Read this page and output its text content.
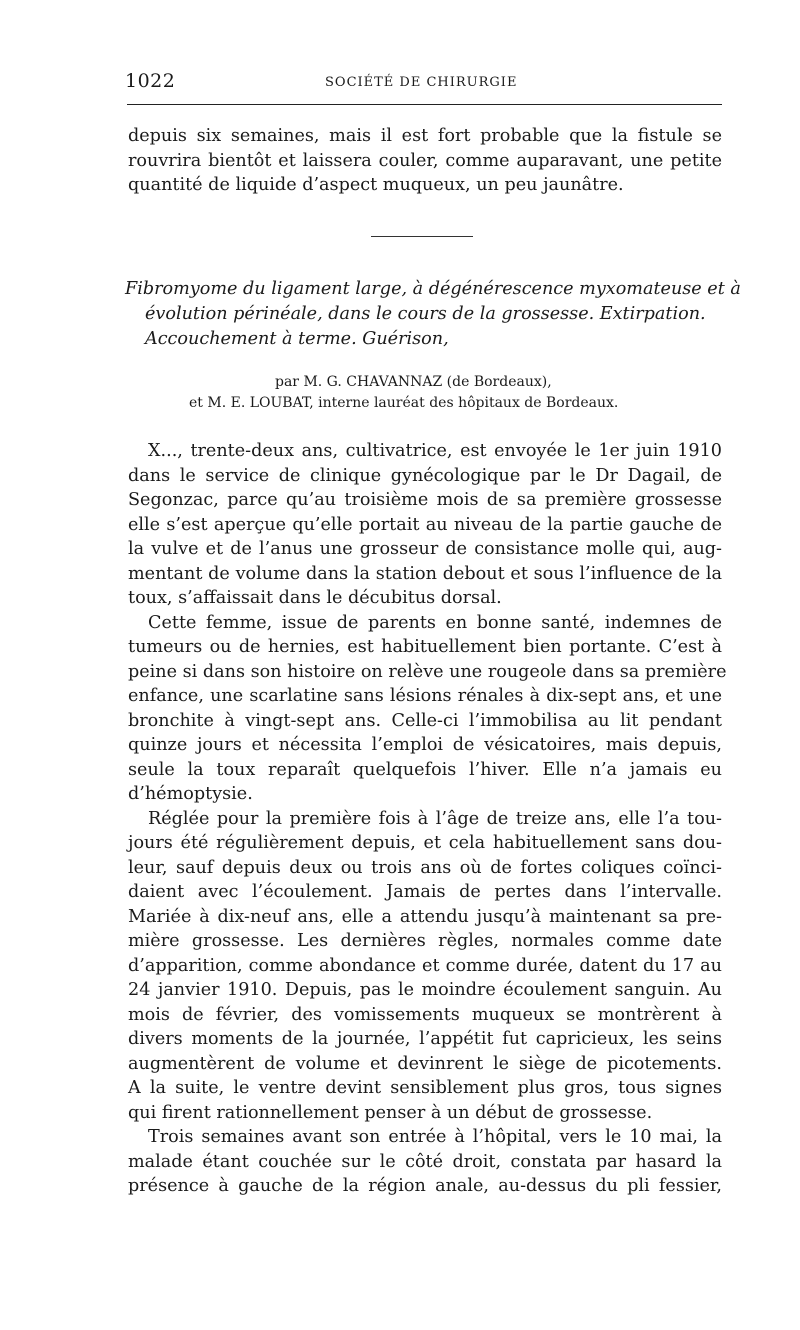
1022	SOCIÉTÉ DE CHIRURGIE

depuis six semaines, mais il est fort probable que la fistule se
rouvrira bientôt et laissera couler, comme auparavant, une petite
quantité de liquide d’aspect muqueux, un peu jaunâtre.

Fibromyome du ligament large, à dégénérescence myxomateuse et à
évolution périnéale, dans le cours de la grossesse. Extirpation.
Accouchement à terme. Guérison,
par M. G. CHAVANNAZ (de Bordeaux),
et M. E. LOUBAT, interne lauréat des hôpitaux de Bordeaux.

X..., trente-deux ans, cultivatrice, est envoyée le 1er juin 1910
dans le service de clinique gynécologique par le Dr Dagail, de
Segonzac, parce qu’au troisième mois de sa première grossesse
elle s’est aperçue qu’elle portait au niveau de la partie gauche de
la vulve et de l’anus une grosseur de consistance molle qui, aug-
mentant de volume dans la station debout et sous l’influence de la
toux, s’affaissait dans le décubitus dorsal.
Cette femme, issue de parents en bonne santé, indemnes de
tumeurs ou de hernies, est habituellement bien portante. C’est à
peine si dans son histoire on relève une rougeole dans sa première
enfance, une scarlatine sans lésions rénales à dix-sept ans, et une
bronchite à vingt-sept ans. Celle-ci l’immobilisa au lit pendant
quinze jours et nécessita l’emploi de vésicatoires, mais depuis,
seule la toux reparaît quelquefois l’hiver. Elle n’a jamais eu
d’hémoptysie.
Réglée pour la première fois à l’âge de treize ans, elle l’a tou-
jours été régulièrement depuis, et cela habituellement sans dou-
leur, sauf depuis deux ou trois ans où de fortes coliques coïnci-
daient avec l’écoulement. Jamais de pertes dans l’intervalle.
Mariée à dix-neuf ans, elle a attendu jusqu’à maintenant sa pre-
mière grossesse. Les dernières règles, normales comme date
d’apparition, comme abondance et comme durée, datent du 17 au
24 janvier 1910. Depuis, pas le moindre écoulement sanguin. Au
mois de février, des vomissements muqueux se montrèrent à
divers moments de la journée, l’appétit fut capricieux, les seins
augmentèrent de volume et devinrent le siège de picotements.
A la suite, le ventre devint sensiblement plus gros, tous signes
qui firent rationnellement penser à un début de grossesse.
Trois semaines avant son entrée à l’hôpital, vers le 10 mai, la
malade étant couchée sur le côté droit, constata par hasard la
présence à gauche de la région anale, au-dessus du pli fessier,
